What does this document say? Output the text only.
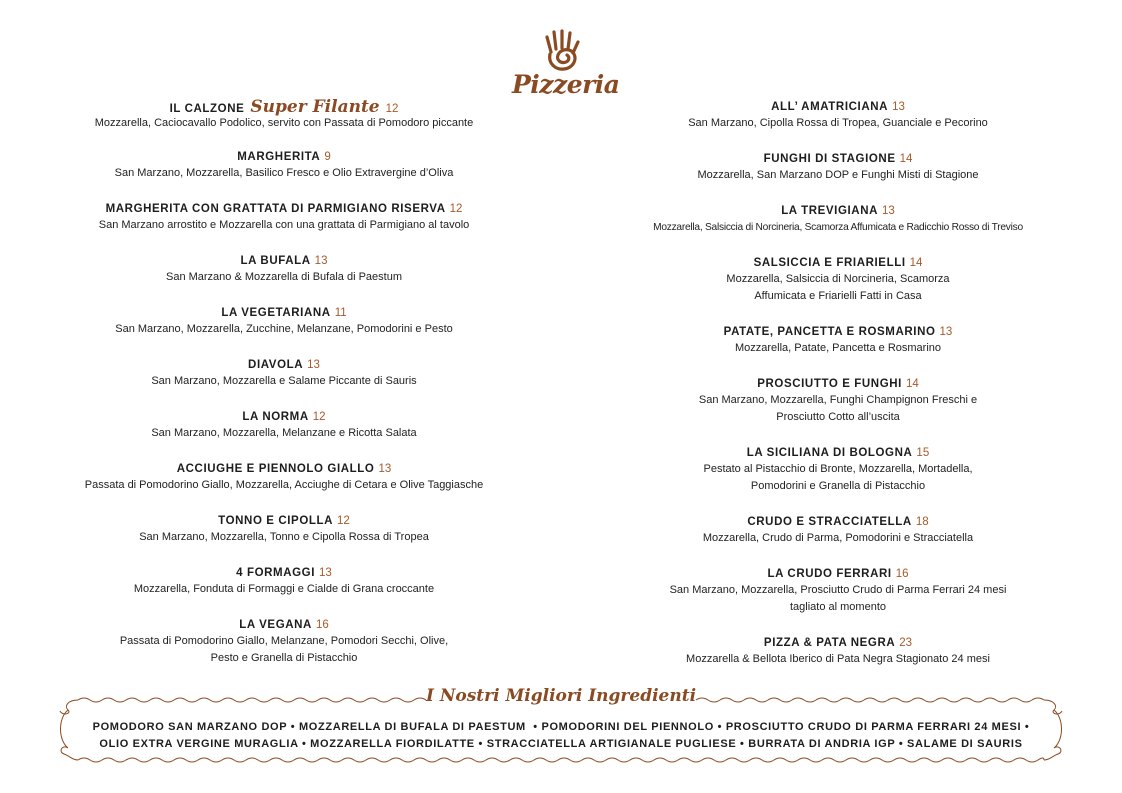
Pizzeria
IL CALZONE Super Filante 12
Mozzarella, Caciocavallo Podolico, servito con Passata di Pomodoro piccante
MARGHERITA 9
San Marzano, Mozzarella, Basilico Fresco e Olio Extravergine d’Oliva
MARGHERITA CON GRATTATA DI PARMIGIANO RISERVA 12
San Marzano arrostito e Mozzarella con una grattata di Parmigiano al tavolo
LA BUFALA 13
San Marzano & Mozzarella di Bufala di Paestum
LA VEGETARIANA 11
San Marzano, Mozzarella, Zucchine, Melanzane, Pomodorini e Pesto
DIAVOLA 13
San Marzano, Mozzarella e Salame Piccante di Sauris
LA NORMA 12
San Marzano, Mozzarella, Melanzane e Ricotta Salata
ACCIUGHE E PIENNOLO GIALLO 13
Passata di Pomodorino Giallo, Mozzarella, Acciughe di Cetara e Olive Taggiasche
TONNO E CIPOLLA 12
San Marzano, Mozzarella, Tonno e Cipolla Rossa di Tropea
4 FORMAGGI 13
Mozzarella, Fonduta di Formaggi e Cialde di Grana croccante
LA VEGANA 16
Passata di Pomodorino Giallo, Melanzane, Pomodori Secchi, Olive,
Pesto e Granella di Pistacchio
ALL’ AMATRICIANA 13
San Marzano, Cipolla Rossa di Tropea, Guanciale e Pecorino
FUNGHI DI STAGIONE 14
Mozzarella, San Marzano DOP e Funghi Misti di Stagione
LA TREVIGIANA 13
Mozzarella, Salsiccia di Norcineria, Scamorza Affumicata e Radicchio Rosso di Treviso
SALSICCIA E FRIARIELLI 14
Mozzarella, Salsiccia di Norcineria, Scamorza
Affumicata e Friarielli Fatti in Casa
PATATE, PANCETTA E ROSMARINO 13
Mozzarella, Patate, Pancetta e Rosmarino
PROSCIUTTO E FUNGHI 14
San Marzano, Mozzarella, Funghi Champignon Freschi e
Prosciutto Cotto all’uscita
LA SICILIANA DI BOLOGNA 15
Pestato al Pistacchio di Bronte, Mozzarella, Mortadella,
Pomodorini e Granella di Pistacchio
CRUDO E STRACCIATELLA 18
Mozzarella, Crudo di Parma, Pomodorini e Stracciatella
LA CRUDO FERRARI 16
San Marzano, Mozzarella, Prosciutto Crudo di Parma Ferrari 24 mesi
tagliato al momento
PIZZA & PATA NEGRA 23
Mozzarella & Bellota Iberico di Pata Negra Stagionato 24 mesi
I Nostri Migliori Ingredienti
POMODORO SAN MARZANO DOP • MOZZARELLA DI BUFALA DI PAESTUM  • POMODORINI DEL PIENNOLO • PROSCIUTTO CRUDO DI PARMA FERRARI 24 MESI •
OLIO EXTRA VERGINE MURAGLIA • MOZZARELLA FIORDILATTE • STRACCIATELLA ARTIGIANALE PUGLIESE • BURRATA DI ANDRIA IGP • SALAME DI SAURIS
